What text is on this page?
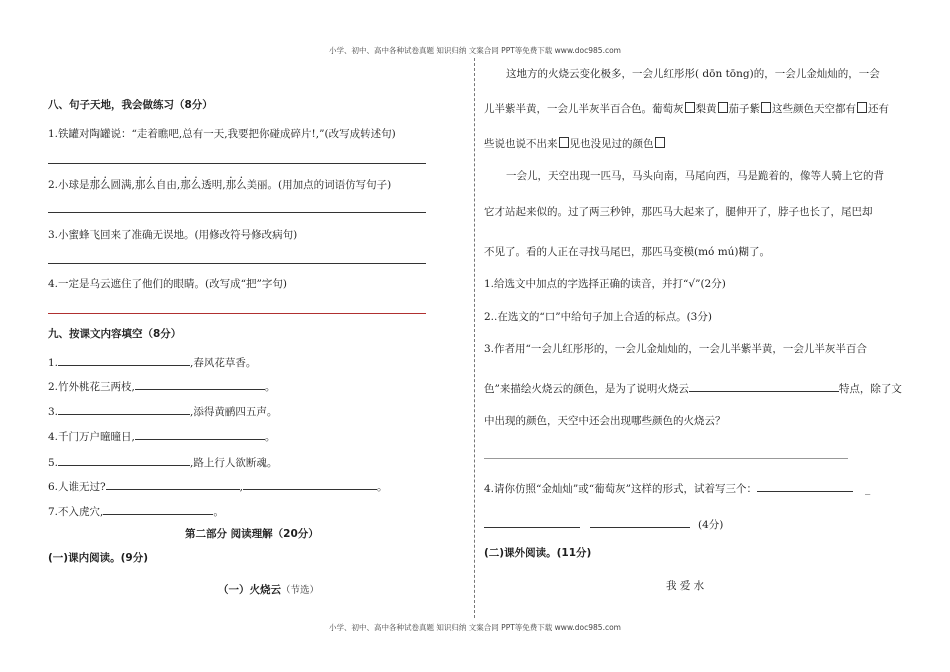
小学、初中、高中各种试卷真题 知识归纳 文案合同 PPT等免费下载 www.doc985.com
八、句子天地，我会做练习（8分）
1.铁罐对陶罐说：“走着瞧吧,总有一天,我要把你碰成碎片!,”(改写成转述句)
2.小球是那么圆满,那么自由,那么透明,那么美丽。(用加点的词语仿写句子)
3.小蜜蜂飞回来了准确无误地。(用修改符号修改病句)
4.一定是乌云遮住了他们的眼睛。(改写成“把”字句)
九、按课文内容填空（8分）
1.	,春风花草香。
2.竹外桃花三两枝,	。
3.	,添得黄鹂四五声。
4.千门万户曈曈日,	。
5.	,路上行人欲断魂。
6.人谁无过?	,	。
7.不入虎穴,	。
第二部分 阅读理解（20分）
(一)课内阅读。(9分)
（一）火烧云（节选）
这地方的火烧云变化极多，一会儿红彤彤( dōn tōng)的，一会儿金灿灿的，一会
儿半紫半黄，一会儿半灰半百合色。葡萄灰 梨黄 茄子紫 这些颜色天空都有 还有
些说也说不出来 见也没见过的颜色
一会儿，天空出现一匹马，马头向南，马尾向西，马是跪着的，像等人骑上它的背
它才站起来似的。过了两三秒钟，那匹马大起来了，腿伸开了，脖子也长了，尾巴却
不见了。看的人正在寻找马尾巴，那匹马变模(mó mú)糊了。
1.给选文中加点的字选择正确的读音，并打“√”(2分)
2..在选文的“口”中给句子加上合适的标点。(3分)
3.作者用“一会儿红彤彤的，一会儿金灿灿的，一会儿半紫半黄，一会儿半灰半百合
色”来描绘火烧云的颜色，是为了说明火烧云	特点，除了文
中出现的颜色，天空中还会出现哪些颜色的火烧云？
4.请你仿照“金灿灿”或“葡萄灰”这样的形式，试着写三个：	_
(4分)
(二)课外阅读。(11分)
我 爱 水
小学、初中、高中各种试卷真题 知识归纳 文案合同 PPT等免费下载 www.doc985.com
